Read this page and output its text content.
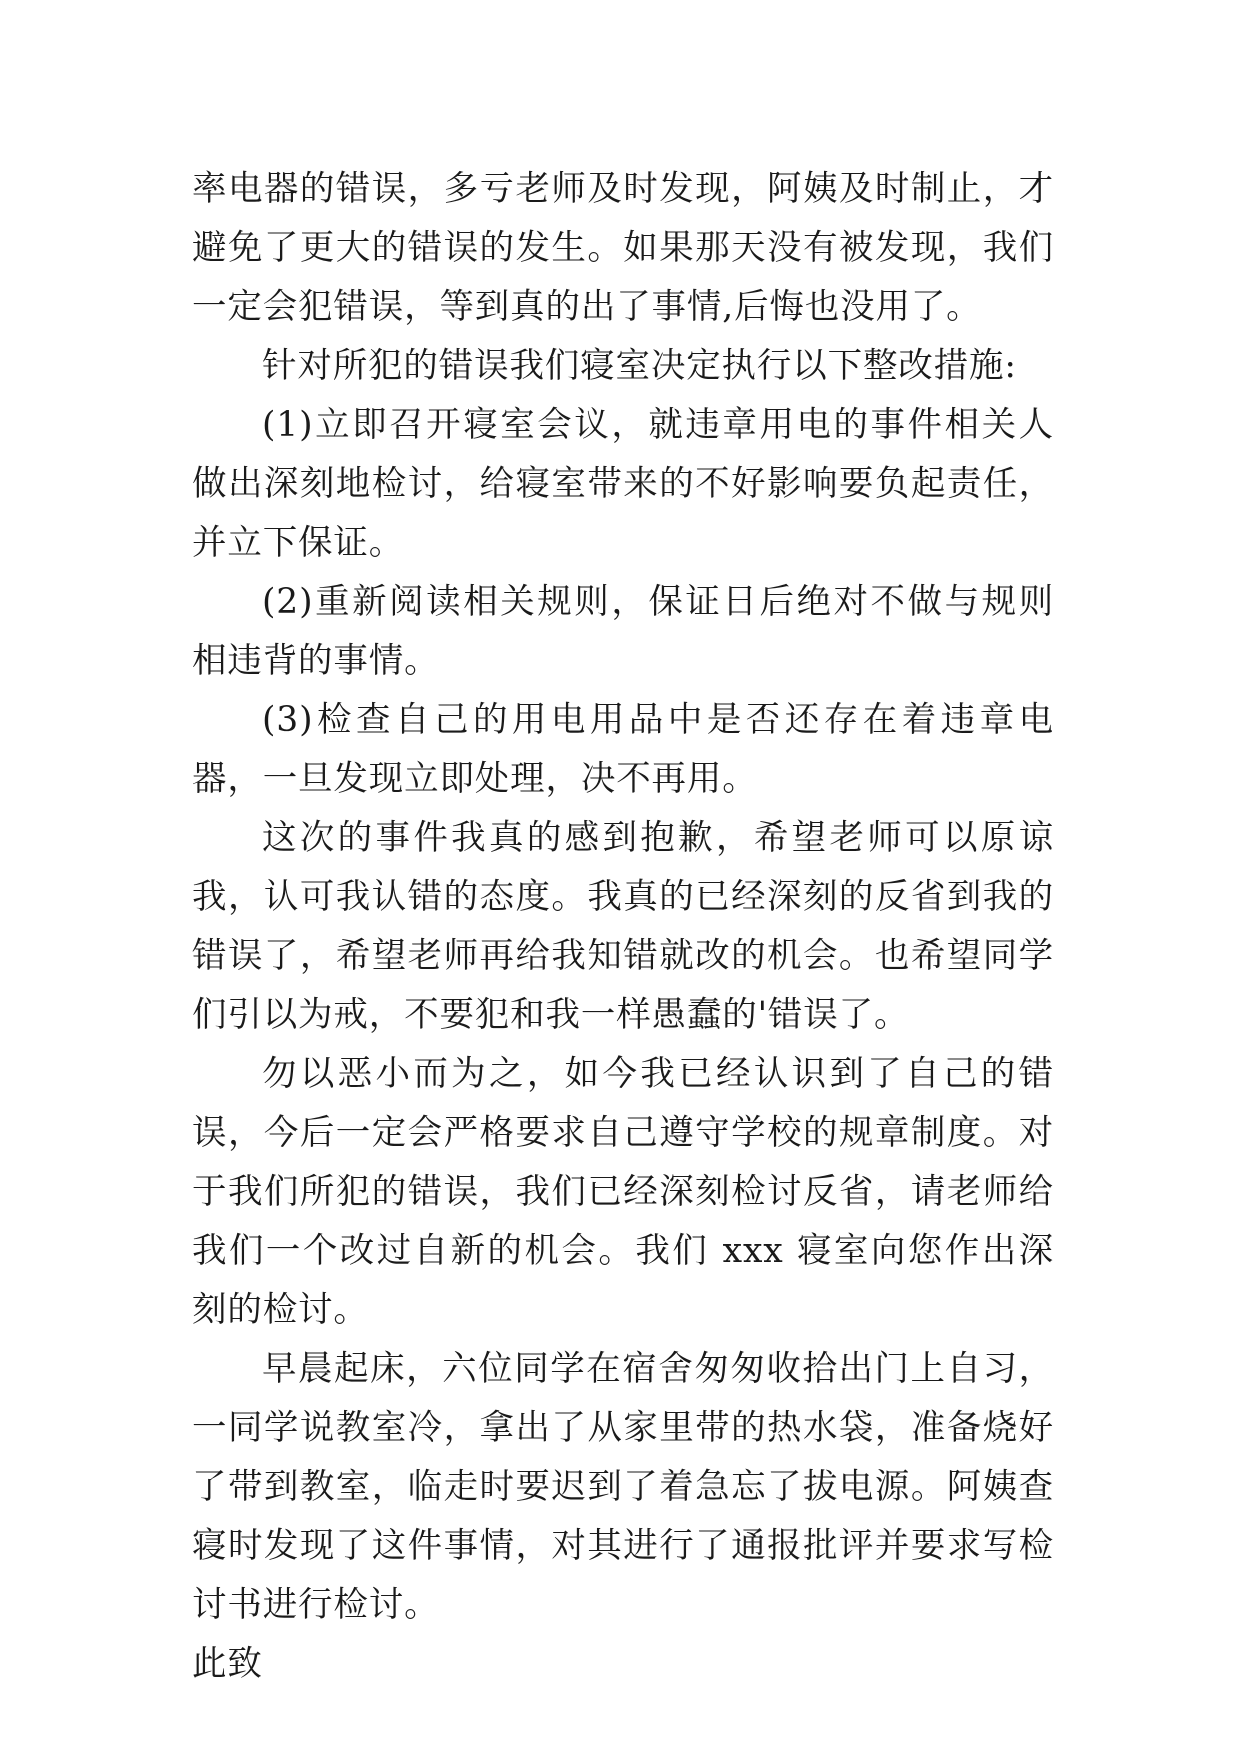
率电器的错误，多亏老师及时发现，阿姨及时制止，才避免了更大的错误的发生。如果那天没有被发现，我们一定会犯错误，等到真的出了事情,后悔也没用了。

针对所犯的错误我们寝室决定执行以下整改措施:

(1)立即召开寝室会议，就违章用电的事件相关人做出深刻地检讨，给寝室带来的不好影响要负起责任，并立下保证。

(2)重新阅读相关规则，保证日后绝对不做与规则相违背的事情。

(3)检查自己的用电用品中是否还存在着违章电器，一旦发现立即处理，决不再用。

这次的事件我真的感到抱歉，希望老师可以原谅我，认可我认错的态度。我真的已经深刻的反省到我的错误了，希望老师再给我知错就改的机会。也希望同学们引以为戒，不要犯和我一样愚蠢的'错误了。

勿以恶小而为之，如今我已经认识到了自己的错误，今后一定会严格要求自己遵守学校的规章制度。对于我们所犯的错误，我们已经深刻检讨反省，请老师给我们一个改过自新的机会。我们 xxx 寝室向您作出深刻的检讨。

早晨起床，六位同学在宿舍匆匆收拾出门上自习，一同学说教室冷，拿出了从家里带的热水袋，准备烧好了带到教室，临走时要迟到了着急忘了拔电源。阿姨查寝时发现了这件事情，对其进行了通报批评并要求写检讨书进行检讨。

此致
